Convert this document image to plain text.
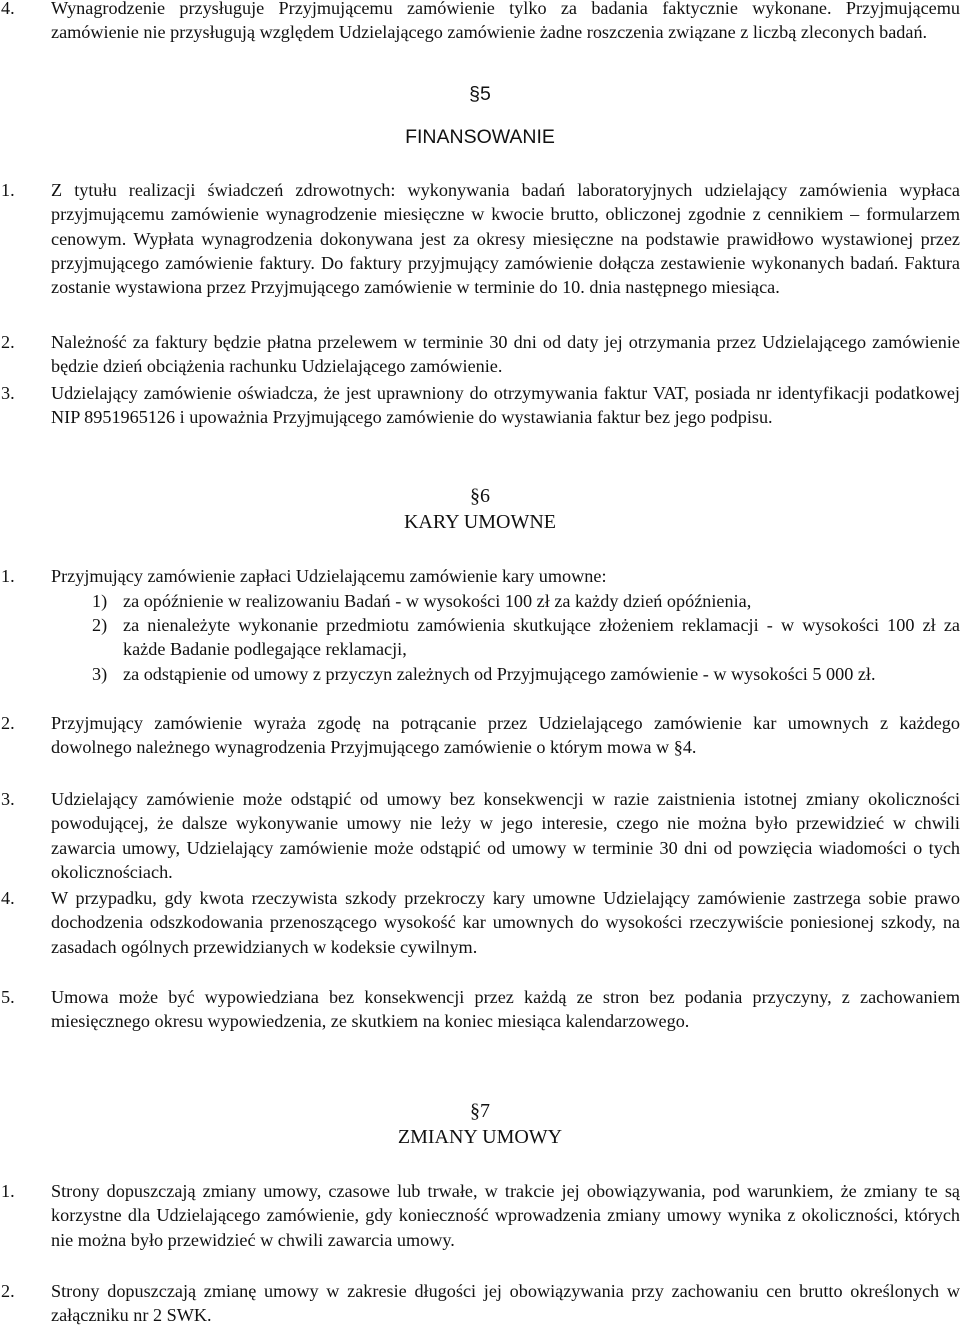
4. Wynagrodzenie przysługuje Przyjmującemu zamówienie tylko za badania faktycznie wykonane. Przyjmującemu zamówienie nie przysługują względem Udzielającego zamówienie żadne roszczenia związane z liczbą zleconych badań.
§5
FINANSOWANIE
1. Z tytułu realizacji świadczeń zdrowotnych: wykonywania badań laboratoryjnych udzielający zamówienia wypłaca przyjmującemu zamówienie wynagrodzenie miesięczne w kwocie brutto, obliczonej zgodnie z cennikiem – formularzem cenowym. Wypłata wynagrodzenia dokonywana jest za okresy miesięczne na podstawie prawidłowo wystawionej przez przyjmującego zamówienie faktury. Do faktury przyjmujący zamówienie dołącza zestawienie wykonanych badań. Faktura zostanie wystawiona przez Przyjmującego zamówienie w terminie do 10. dnia następnego miesiąca.
2. Należność za faktury będzie płatna przelewem w terminie 30 dni od daty jej otrzymania przez Udzielającego zamówienie będzie dzień obciążenia rachunku Udzielającego zamówienie.
3. Udzielający zamówienie oświadcza, że jest uprawniony do otrzymywania faktur VAT, posiada nr identyfikacji podatkowej NIP 8951965126 i upoważnia Przyjmującego zamówienie do wystawiania faktur bez jego podpisu.
§6
KARY UMOWNE
1. Przyjmujący zamówienie zapłaci Udzielającemu zamówienie kary umowne:
1) za opóźnienie w realizowaniu Badań - w wysokości 100 zł za każdy dzień opóźnienia,
2) za nienależyte wykonanie przedmiotu zamówienia skutkujące złożeniem reklamacji - w wysokości 100 zł za każde Badanie podlegające reklamacji,
3) za odstąpienie od umowy z przyczyn zależnych od Przyjmującego zamówienie - w wysokości 5 000 zł.
2. Przyjmujący zamówienie wyraża zgodę na potrącanie przez Udzielającego zamówienie kar umownych z każdego dowolnego należnego wynagrodzenia Przyjmującego zamówienie o którym mowa w §4.
3. Udzielający zamówienie może odstąpić od umowy bez konsekwencji w razie zaistnienia istotnej zmiany okoliczności powodującej, że dalsze wykonywanie umowy nie leży w jego interesie, czego nie można było przewidzieć w chwili zawarcia umowy, Udzielający zamówienie może odstąpić od umowy w terminie 30 dni od powzięcia wiadomości o tych okolicznościach.
4. W przypadku, gdy kwota rzeczywista szkody przekroczy kary umowne Udzielający zamówienie zastrzega sobie prawo dochodzenia odszkodowania przenoszącego wysokość kar umownych do wysokości rzeczywiście poniesionej szkody, na zasadach ogólnych przewidzianych w kodeksie cywilnym.
5. Umowa może być wypowiedziana bez konsekwencji przez każdą ze stron bez podania przyczyny, z zachowaniem miesięcznego okresu wypowiedzenia, ze skutkiem na koniec miesiąca kalendarzowego.
§7
ZMIANY UMOWY
1. Strony dopuszczają zmiany umowy, czasowe lub trwałe, w trakcie jej obowiązywania, pod warunkiem, że zmiany te są korzystne dla Udzielającego zamówienie, gdy konieczność wprowadzenia zmiany umowy wynika z okoliczności, których nie można było przewidzieć w chwili zawarcia umowy.
2. Strony dopuszczają zmianę umowy w zakresie długości jej obowiązywania przy zachowaniu cen brutto określonych w załączniku nr 2 SWK.
